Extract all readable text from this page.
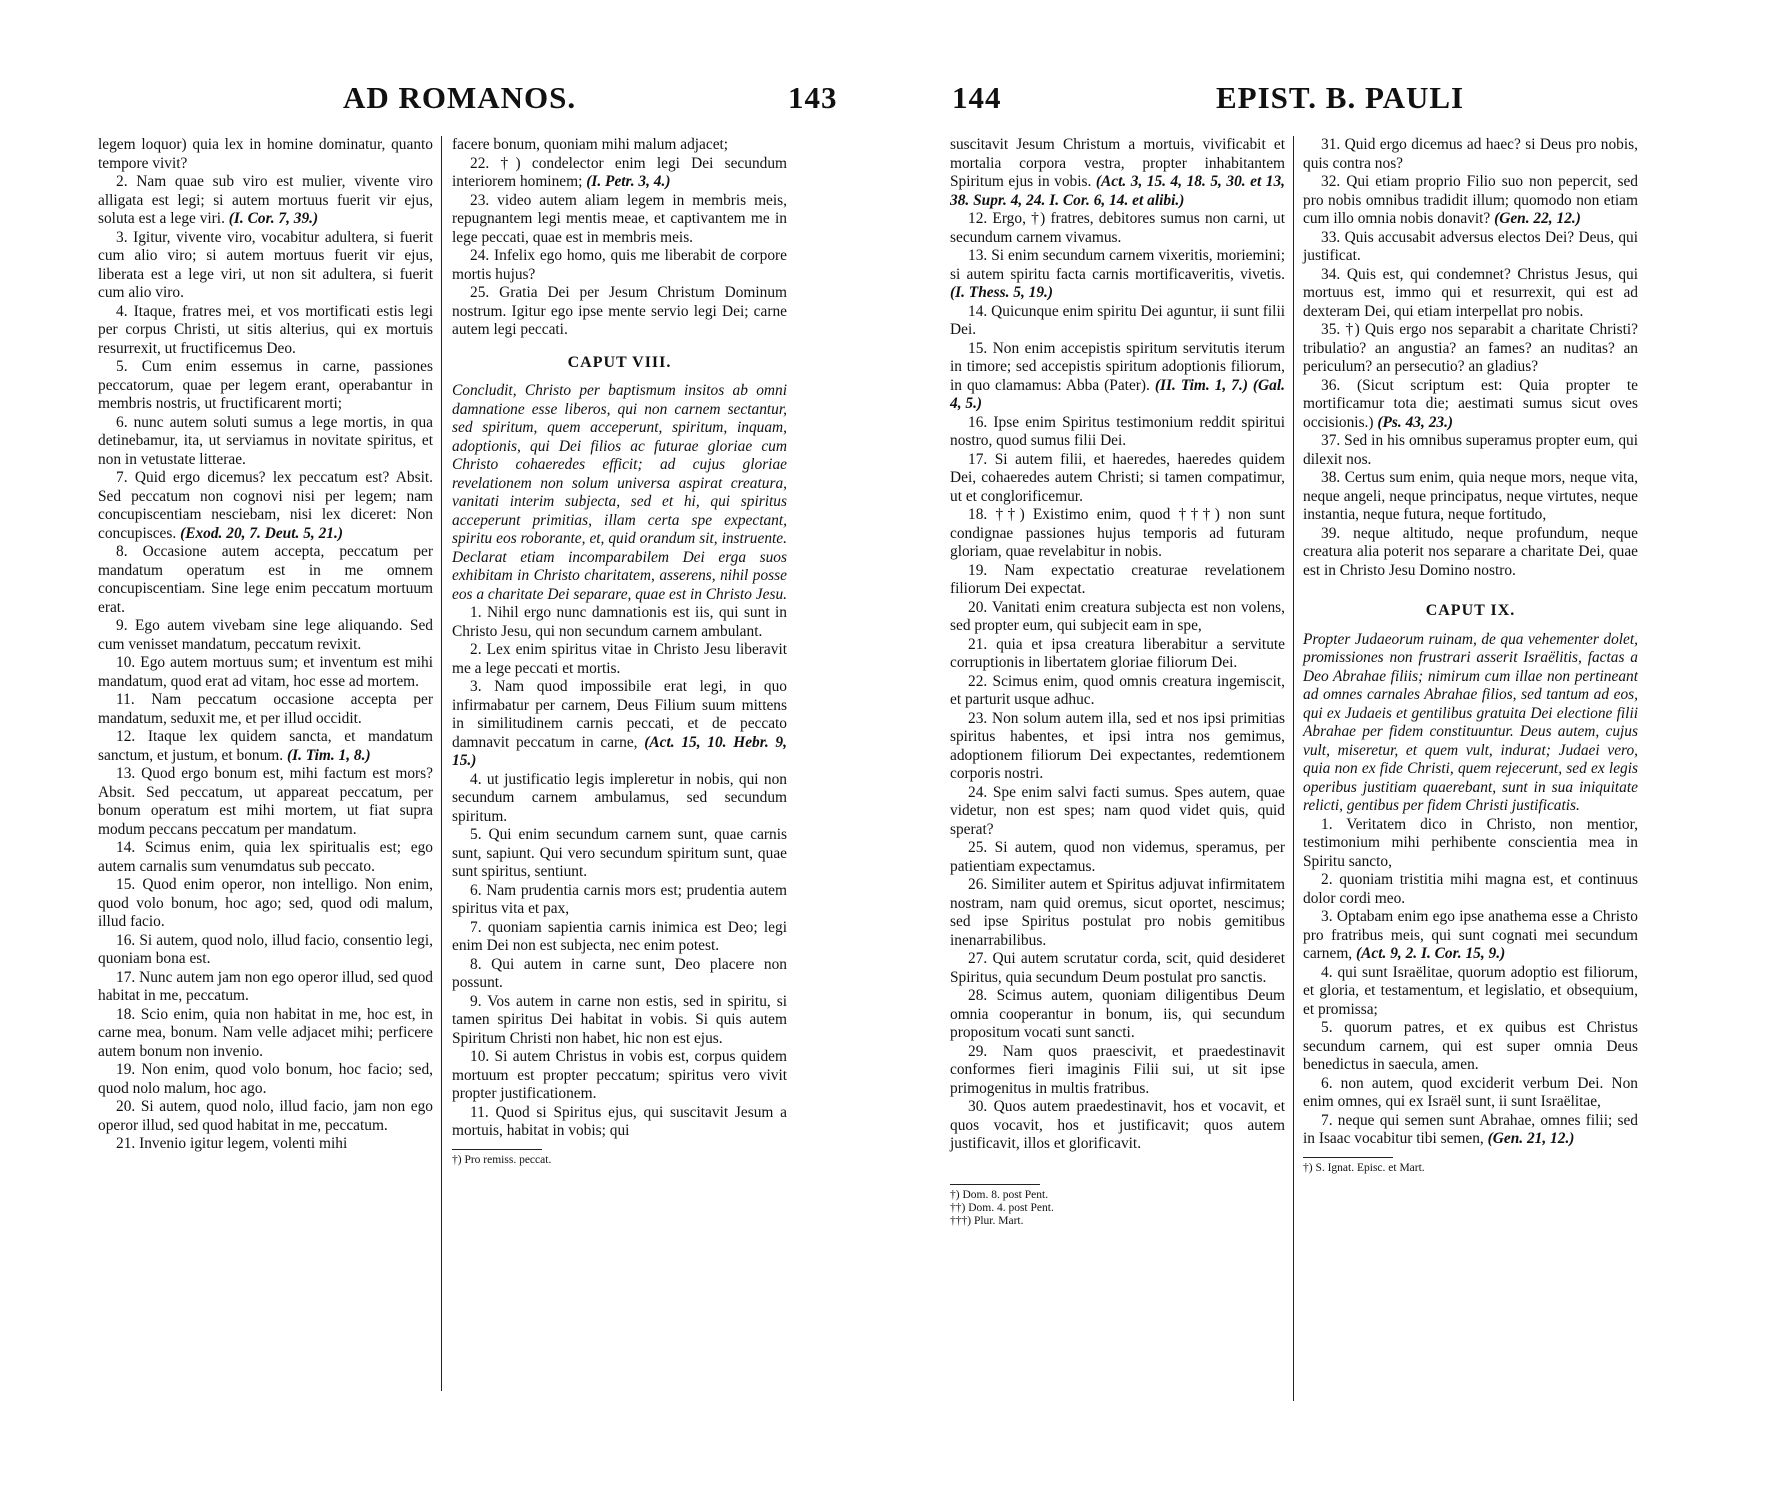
AD ROMANOS.	143

legem loquor) quia lex in homine dominatur, quanto tempore vivit?

2. Nam quae sub viro est mulier, vivente viro alligata est legi; si autem mortuus fuerit vir ejus, soluta est a lege viri. (I. Cor. 7, 39.)

3. Igitur, vivente viro, vocabitur adultera, si fuerit cum alio viro; si autem mortuus fuerit vir ejus, liberata est a lege viri, ut non sit adultera, si fuerit cum alio viro.

4. Itaque, fratres mei, et vos mortificati estis legi per corpus Christi, ut sitis alterius, qui ex mortuis resurrexit, ut fructificemus Deo.

5. Cum enim essemus in carne, passiones peccatorum, quae per legem erant, operabantur in membris nostris, ut fructificarent morti;

6. nunc autem soluti sumus a lege mortis, in qua detinebamur, ita, ut serviamus in novitate spiritus, et non in vetustate litterae.

7. Quid ergo dicemus? lex peccatum est? Absit. Sed peccatum non cognovi nisi per legem; nam concupiscentiam nesciebam, nisi lex diceret: Non concupisces. (Exod. 20, 7. Deut. 5, 21.)

8. Occasione autem accepta, peccatum per mandatum operatum est in me omnem concupiscentiam. Sine lege enim peccatum mortuum erat.

9. Ego autem vivebam sine lege aliquando. Sed cum venisset mandatum, peccatum revixit.

10. Ego autem mortuus sum; et inventum est mihi mandatum, quod erat ad vitam, hoc esse ad mortem.

11. Nam peccatum occasione accepta per mandatum, seduxit me, et per illud occidit.

12. Itaque lex quidem sancta, et mandatum sanctum, et justum, et bonum. (I. Tim. 1, 8.)

13. Quod ergo bonum est, mihi factum est mors? Absit. Sed peccatum, ut appareat peccatum, per bonum operatum est mihi mortem, ut fiat supra modum peccans peccatum per mandatum.

14. Scimus enim, quia lex spiritualis est; ego autem carnalis sum venumdatus sub peccato.

15. Quod enim operor, non intelligo. Non enim, quod volo bonum, hoc ago; sed, quod odi malum, illud facio.

16. Si autem, quod nolo, illud facio, consentio legi, quoniam bona est.

17. Nunc autem jam non ego operor illud, sed quod habitat in me, peccatum.

18. Scio enim, quia non habitat in me, hoc est, in carne mea, bonum. Nam velle adjacet mihi; perficere autem bonum non invenio.

19. Non enim, quod volo bonum, hoc facio; sed, quod nolo malum, hoc ago.

20. Si autem, quod nolo, illud facio, jam non ego operor illud, sed quod habitat in me, peccatum.

21. Invenio igitur legem, volenti mihi

facere bonum, quoniam mihi malum adjacet;

22. †) condelector enim legi Dei secundum interiorem hominem; (I. Petr. 3, 4.)

23. video autem aliam legem in membris meis, repugnantem legi mentis meae, et captivantem me in lege peccati, quae est in membris meis.

24. Infelix ego homo, quis me liberabit de corpore mortis hujus?

25. Gratia Dei per Jesum Christum Dominum nostrum. Igitur ego ipse mente servio legi Dei; carne autem legi peccati.

CAPUT VIII.

Concludit, Christo per baptismum insitos ab omni damnatione esse liberos, qui non carnem sectantur, sed spiritum, quem acceperunt, spiritum, inquam, adoptionis, qui Dei filios ac futurae gloriae cum Christo cohaeredes efficit; ad cujus gloriae revelationem non solum universa aspirat creatura, vanitati interim subjecta, sed et hi, qui spiritus acceperunt primitias, illam certa spe expectant, spiritu eos roborante, et, quid orandum sit, instruente. Declarat etiam incomparabilem Dei erga suos exhibitam in Christo charitatem, asserens, nihil posse eos a charitate Dei separare, quae est in Christo Jesu.

1. Nihil ergo nunc damnationis est iis, qui sunt in Christo Jesu, qui non secundum carnem ambulant.

2. Lex enim spiritus vitae in Christo Jesu liberavit me a lege peccati et mortis.

3. Nam quod impossibile erat legi, in quo infirmabatur per carnem, Deus Filium suum mittens in similitudinem carnis peccati, et de peccato damnavit peccatum in carne, (Act. 15, 10. Hebr. 9, 15.)

4. ut justificatio legis impleretur in nobis, qui non secundum carnem ambulamus, sed secundum spiritum.

5. Qui enim secundum carnem sunt, quae carnis sunt, sapiunt. Qui vero secundum spiritum sunt, quae sunt spiritus, sentiunt.

6. Nam prudentia carnis mors est; prudentia autem spiritus vita et pax,

7. quoniam sapientia carnis inimica est Deo; legi enim Dei non est subjecta, nec enim potest.

8. Qui autem in carne sunt, Deo placere non possunt.

9. Vos autem in carne non estis, sed in spiritu, si tamen spiritus Dei habitat in vobis. Si quis autem Spiritum Christi non habet, hic non est ejus.

10. Si autem Christus in vobis est, corpus quidem mortuum est propter peccatum; spiritus vero vivit propter justificationem.

11. Quod si Spiritus ejus, qui suscitavit Jesum a mortuis, habitat in vobis; qui

†) Pro remiss. peccat.

144	EPIST. B. PAULI

suscitavit Jesum Christum a mortuis, vivificabit et mortalia corpora vestra, propter inhabitantem Spiritum ejus in vobis. (Act. 3, 15. 4, 18. 5, 30. et 13, 38. Supr. 4, 24. I. Cor. 6, 14. et alibi.)

12. Ergo, †) fratres, debitores sumus non carni, ut secundum carnem vivamus.

13. Si enim secundum carnem vixeritis, moriemini; si autem spiritu facta carnis mortificaveritis, vivetis. (I. Thess. 5, 19.)

14. Quicunque enim spiritu Dei aguntur, ii sunt filii Dei.

15. Non enim accepistis spiritum servitutis iterum in timore; sed accepistis spiritum adoptionis filiorum, in quo clamamus: Abba (Pater). (II. Tim. 1, 7.) (Gal. 4, 5.)

16. Ipse enim Spiritus testimonium reddit spiritui nostro, quod sumus filii Dei.

17. Si autem filii, et haeredes, haeredes quidem Dei, cohaeredes autem Christi; si tamen compatimur, ut et conglorificemur.

18. ††) Existimo enim, quod †††) non sunt condignae passiones hujus temporis ad futuram gloriam, quae revelabitur in nobis.

19. Nam expectatio creaturae revelationem filiorum Dei expectat.

20. Vanitati enim creatura subjecta est non volens, sed propter eum, qui subjecit eam in spe,

21. quia et ipsa creatura liberabitur a servitute corruptionis in libertatem gloriae filiorum Dei.

22. Scimus enim, quod omnis creatura ingemiscit, et parturit usque adhuc.

23. Non solum autem illa, sed et nos ipsi primitias spiritus habentes, et ipsi intra nos gemimus, adoptionem filiorum Dei expectantes, redemtionem corporis nostri.

24. Spe enim salvi facti sumus. Spes autem, quae videtur, non est spes; nam quod videt quis, quid sperat?

25. Si autem, quod non videmus, speramus, per patientiam expectamus.

26. Similiter autem et Spiritus adjuvat infirmitatem nostram, nam quid oremus, sicut oportet, nescimus; sed ipse Spiritus postulat pro nobis gemitibus inenarrabilibus.

27. Qui autem scrutatur corda, scit, quid desideret Spiritus, quia secundum Deum postulat pro sanctis.

28. Scimus autem, quoniam diligentibus Deum omnia cooperantur in bonum, iis, qui secundum propositum vocati sunt sancti.

29. Nam quos praescivit, et praedestinavit conformes fieri imaginis Filii sui, ut sit ipse primogenitus in multis fratribus.

30. Quos autem praedestinavit, hos et vocavit, et quos vocavit, hos et justificavit; quos autem justificavit, illos et glorificavit.

†) Dom. 8. post Pent.

††) Dom. 4. post Pent.

†††) Plur. Mart.

31. Quid ergo dicemus ad haec? si Deus pro nobis, quis contra nos?

32. Qui etiam proprio Filio suo non pepercit, sed pro nobis omnibus tradidit illum; quomodo non etiam cum illo omnia nobis donavit? (Gen. 22, 12.)

33. Quis accusabit adversus electos Dei? Deus, qui justificat.

34. Quis est, qui condemnet? Christus Jesus, qui mortuus est, immo qui et resurrexit, qui est ad dexteram Dei, qui etiam interpellat pro nobis.

35. †) Quis ergo nos separabit a charitate Christi? tribulatio? an angustia? an fames? an nuditas? an periculum? an persecutio? an gladius?

36. (Sicut scriptum est: Quia propter te mortificamur tota die; aestimati sumus sicut oves occisionis.) (Ps. 43, 23.)

37. Sed in his omnibus superamus propter eum, qui dilexit nos.

38. Certus sum enim, quia neque mors, neque vita, neque angeli, neque principatus, neque virtutes, neque instantia, neque futura, neque fortitudo,

39. neque altitudo, neque profundum, neque creatura alia poterit nos separare a charitate Dei, quae est in Christo Jesu Domino nostro.

CAPUT IX.

Propter Judaeorum ruinam, de qua vehementer dolet, promissiones non frustrari asserit Israëlitis, factas a Deo Abrahae filiis; nimirum cum illae non pertineant ad omnes carnales Abrahae filios, sed tantum ad eos, qui ex Judaeis et gentilibus gratuita Dei electione filii Abrahae per fidem constituuntur. Deus autem, cujus vult, miseretur, et quem vult, indurat; Judaei vero, quia non ex fide Christi, quem rejecerunt, sed ex legis operibus justitiam quaerebant, sunt in sua iniquitate relicti, gentibus per fidem Christi justificatis.

1. Veritatem dico in Christo, non mentior, testimonium mihi perhibente conscientia mea in Spiritu sancto,

2. quoniam tristitia mihi magna est, et continuus dolor cordi meo.

3. Optabam enim ego ipse anathema esse a Christo pro fratribus meis, qui sunt cognati mei secundum carnem, (Act. 9, 2. I. Cor. 15, 9.)

4. qui sunt Israëlitae, quorum adoptio est filiorum, et gloria, et testamentum, et legislatio, et obsequium, et promissa;

5. quorum patres, et ex quibus est Christus secundum carnem, qui est super omnia Deus benedictus in saecula, amen.

6. non autem, quod exciderit verbum Dei. Non enim omnes, qui ex Israël sunt, ii sunt Israëlitae,

7. neque qui semen sunt Abrahae, omnes filii; sed in Isaac vocabitur tibi semen, (Gen. 21, 12.)

†) S. Ignat. Episc. et Mart.
